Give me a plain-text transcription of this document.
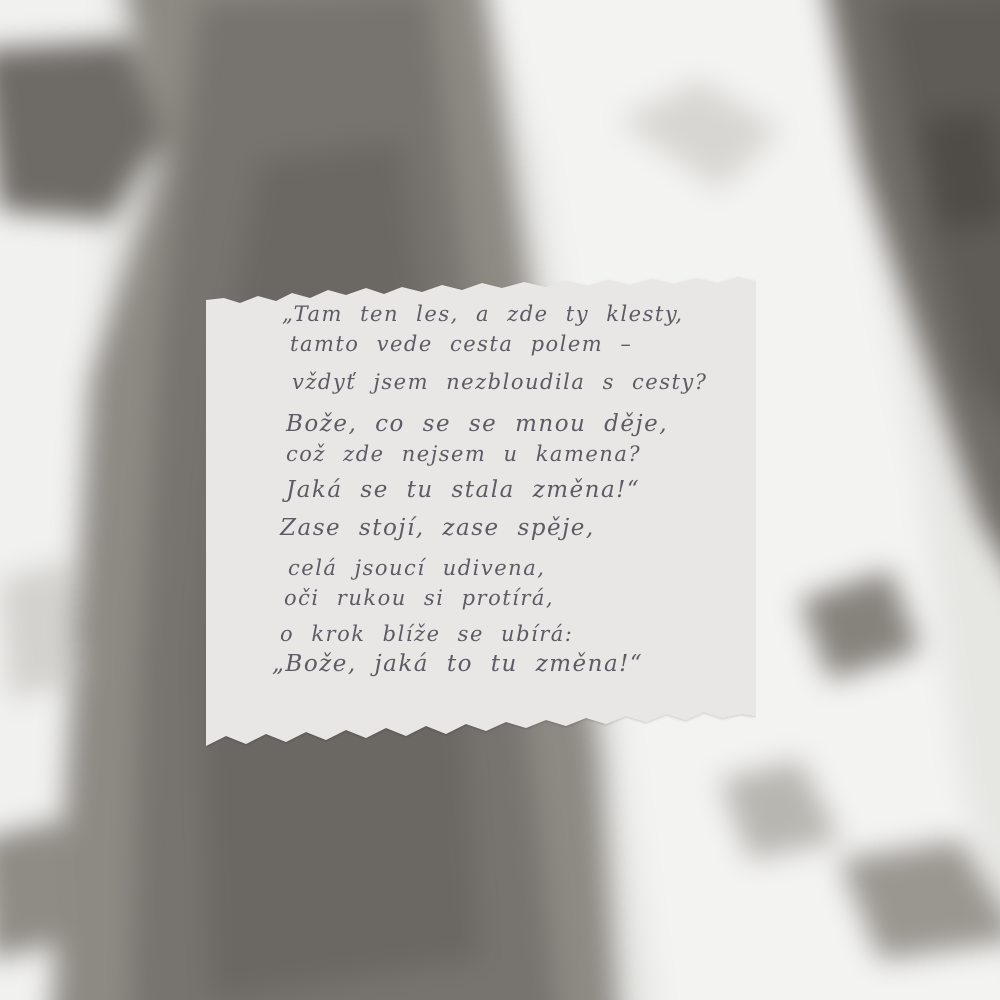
„Tam ten les, a zde ty klesty,
tamto vede cesta polem –
vždyť jsem nezbloudila s cesty?
Bože, co se se mnou děje,
což zde nejsem u kamena?
Jaká se tu stala změna!“
Zase stojí, zase spěje,
celá jsoucí udivena,
oči rukou si protírá,
o krok blíže se ubírá:
„Bože, jaká to tu změna!“
